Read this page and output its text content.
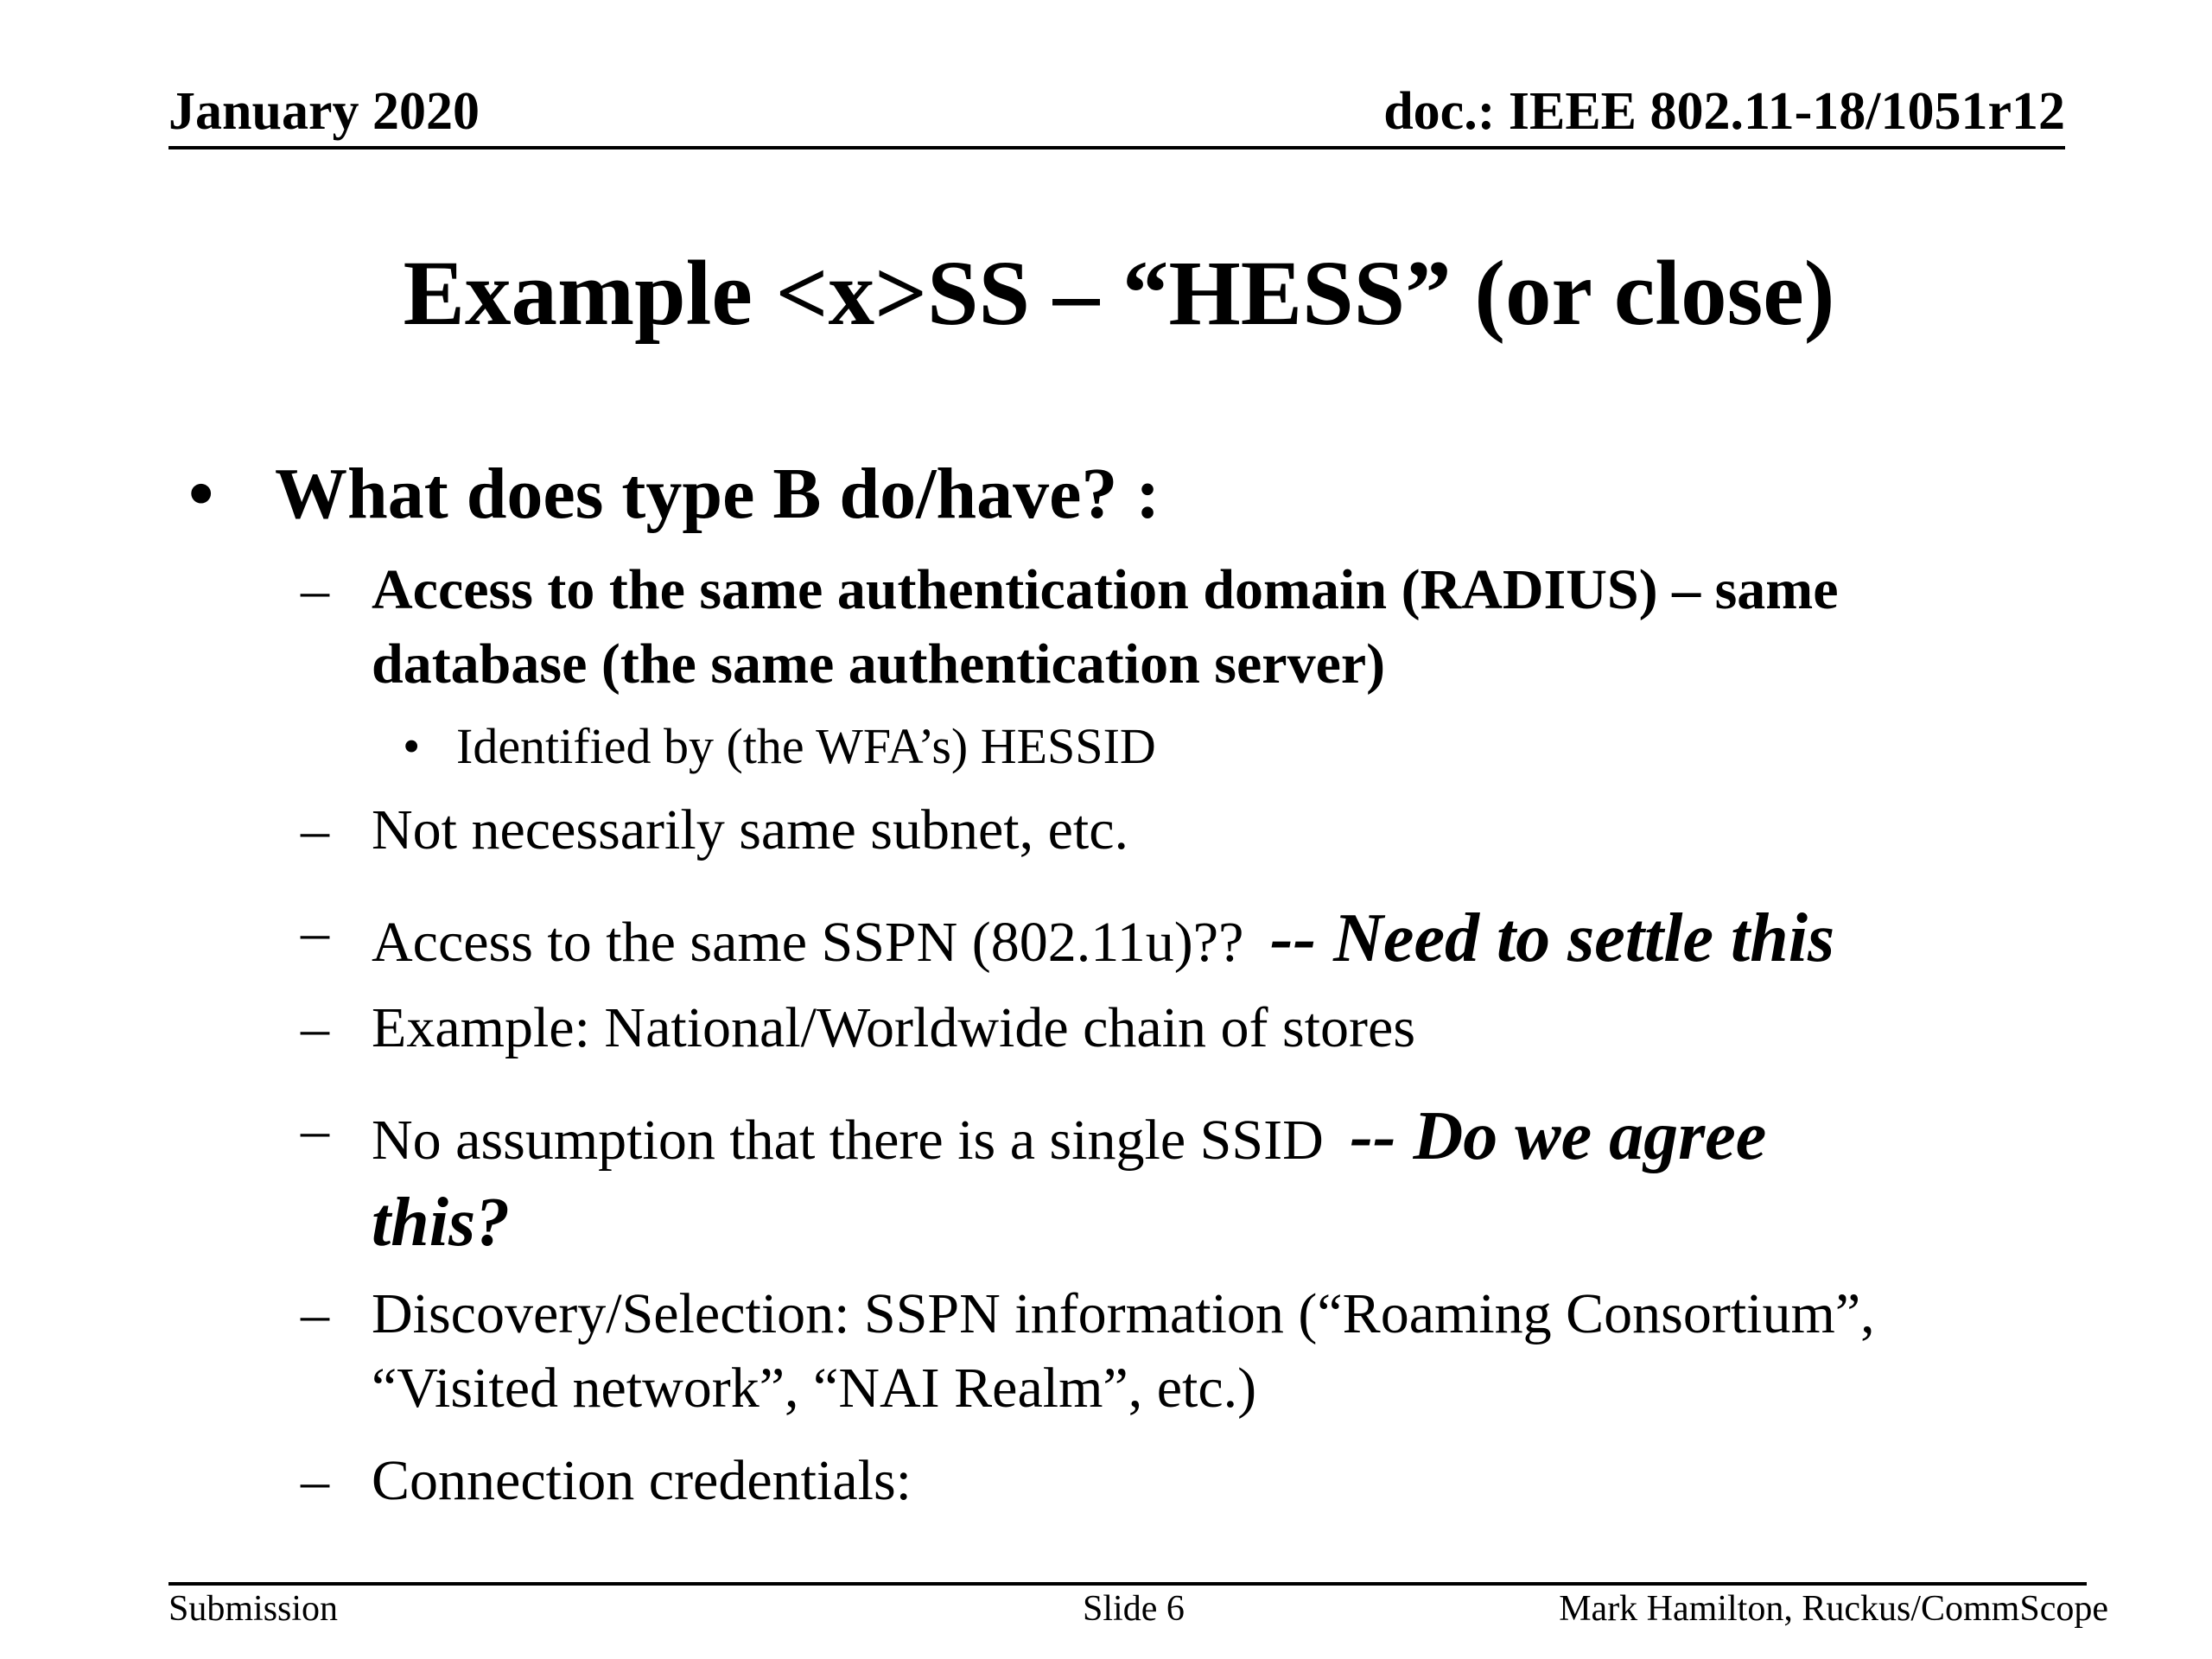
January 2020	doc.: IEEE 802.11-18/1051r12
Example <x>SS – “HESS” (or close)
• What does type B do/have? :
– Access to the same authentication domain (RADIUS) – same
database (the same authentication server)
• Identified by (the WFA’s) HESSID
– Not necessarily same subnet, etc.
– Access to the same SSPN (802.11u)?? -- Need to settle this
– Example: National/Worldwide chain of stores
– No assumption that there is a single SSID -- Do we agree
this?
– Discovery/Selection: SSPN information (“Roaming Consortium”,
“Visited network”, “NAI Realm”, etc.)
– Connection credentials:
Submission	Slide 6	Mark Hamilton, Ruckus/CommScope
